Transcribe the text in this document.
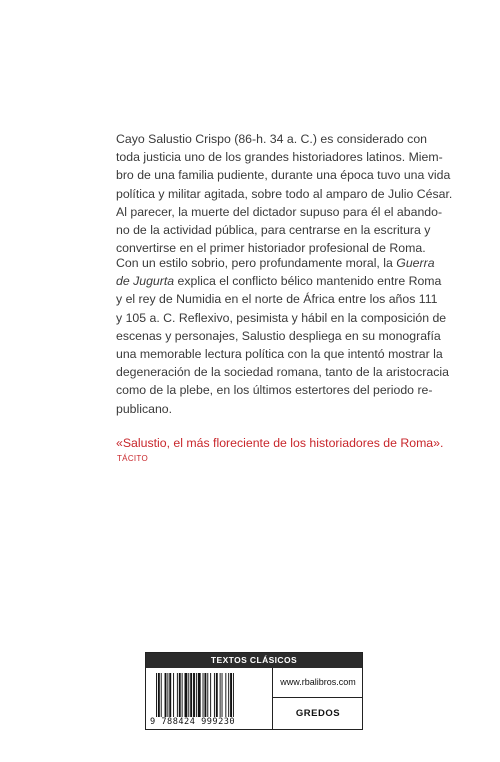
Cayo Salustio Crispo (86-h. 34 a. C.) es considerado con
toda justicia uno de los grandes historiadores latinos. Miem-
bro de una familia pudiente, durante una época tuvo una vida
política y militar agitada, sobre todo al amparo de Julio César.
Al parecer, la muerte del dictador supuso para él el abando-
no de la actividad pública, para centrarse en la escritura y
convertirse en el primer historiador profesional de Roma.
Con un estilo sobrio, pero profundamente moral, la Guerra
de Jugurta explica el conflicto bélico mantenido entre Roma
y el rey de Numidia en el norte de África entre los años 111
y 105 a. C. Reflexivo, pesimista y hábil en la composición de
escenas y personajes, Salustio despliega en su monografía
una memorable lectura política con la que intentó mostrar la
degeneración de la sociedad romana, tanto de la aristocracia
como de la plebe, en los últimos estertores del periodo re-
publicano.
«Salustio, el más floreciente de los historiadores de Roma».
TÁCITO
TEXTOS CLÁSICOS
9 788424 999230
www.rbalibros.com
GREDOS
